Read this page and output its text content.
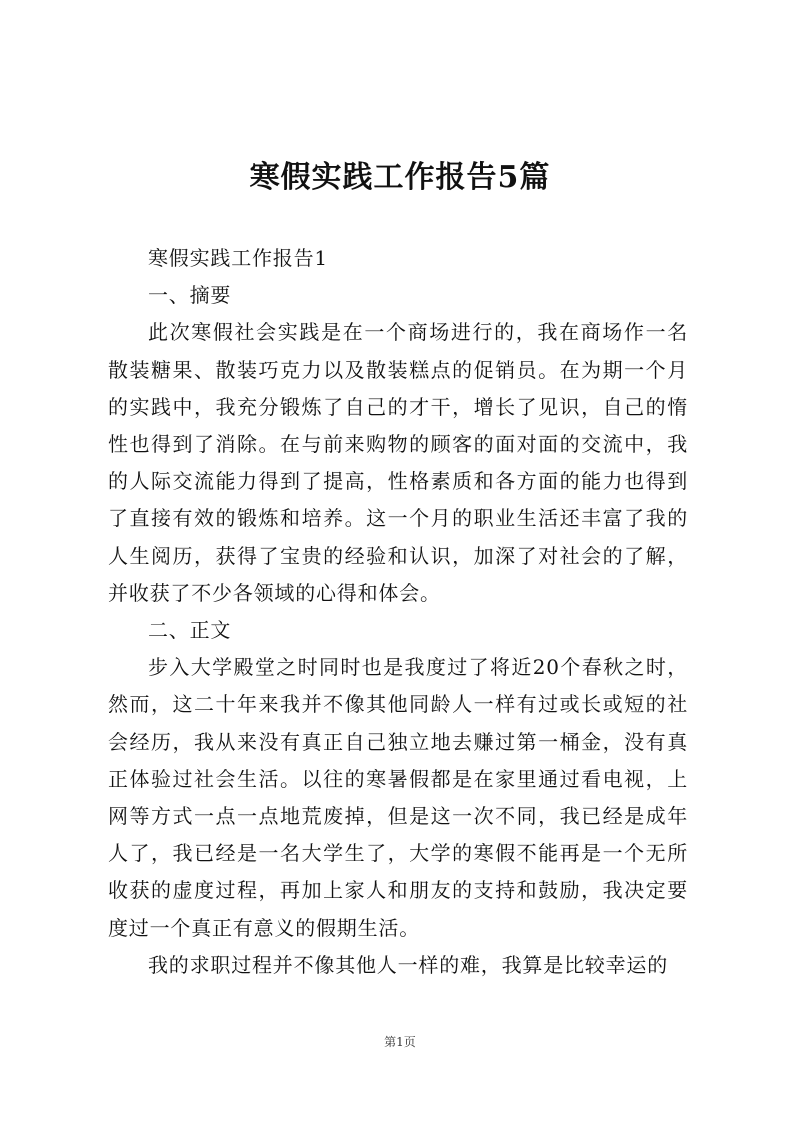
寒假实践工作报告5篇
寒假实践工作报告1
一、摘要

此次寒假社会实践是在一个商场进行的，我在商场作一名散装糖果、散装巧克力以及散装糕点的促销员。在为期一个月的实践中，我充分锻炼了自己的才干，增长了见识，自己的惰性也得到了消除。在与前来购物的顾客的面对面的交流中，我的人际交流能力得到了提高，性格素质和各方面的能力也得到了直接有效的锻炼和培养。这一个月的职业生活还丰富了我的人生阅历，获得了宝贵的经验和认识，加深了对社会的了解，并收获了不少各领域的心得和体会。

二、正文

步入大学殿堂之时同时也是我度过了将近20个春秋之时，然而，这二十年来我并不像其他同龄人一样有过或长或短的社会经历，我从来没有真正自己独立地去赚过第一桶金，没有真正体验过社会生活。以往的寒暑假都是在家里通过看电视，上网等方式一点一点地荒废掉，但是这一次不同，我已经是成年人了，我已经是一名大学生了，大学的寒假不能再是一个无所收获的虚度过程，再加上家人和朋友的支持和鼓励，我决定要度过一个真正有意义的假期生活。

我的求职过程并不像其他人一样的难，我算是比较幸运的

第1页
